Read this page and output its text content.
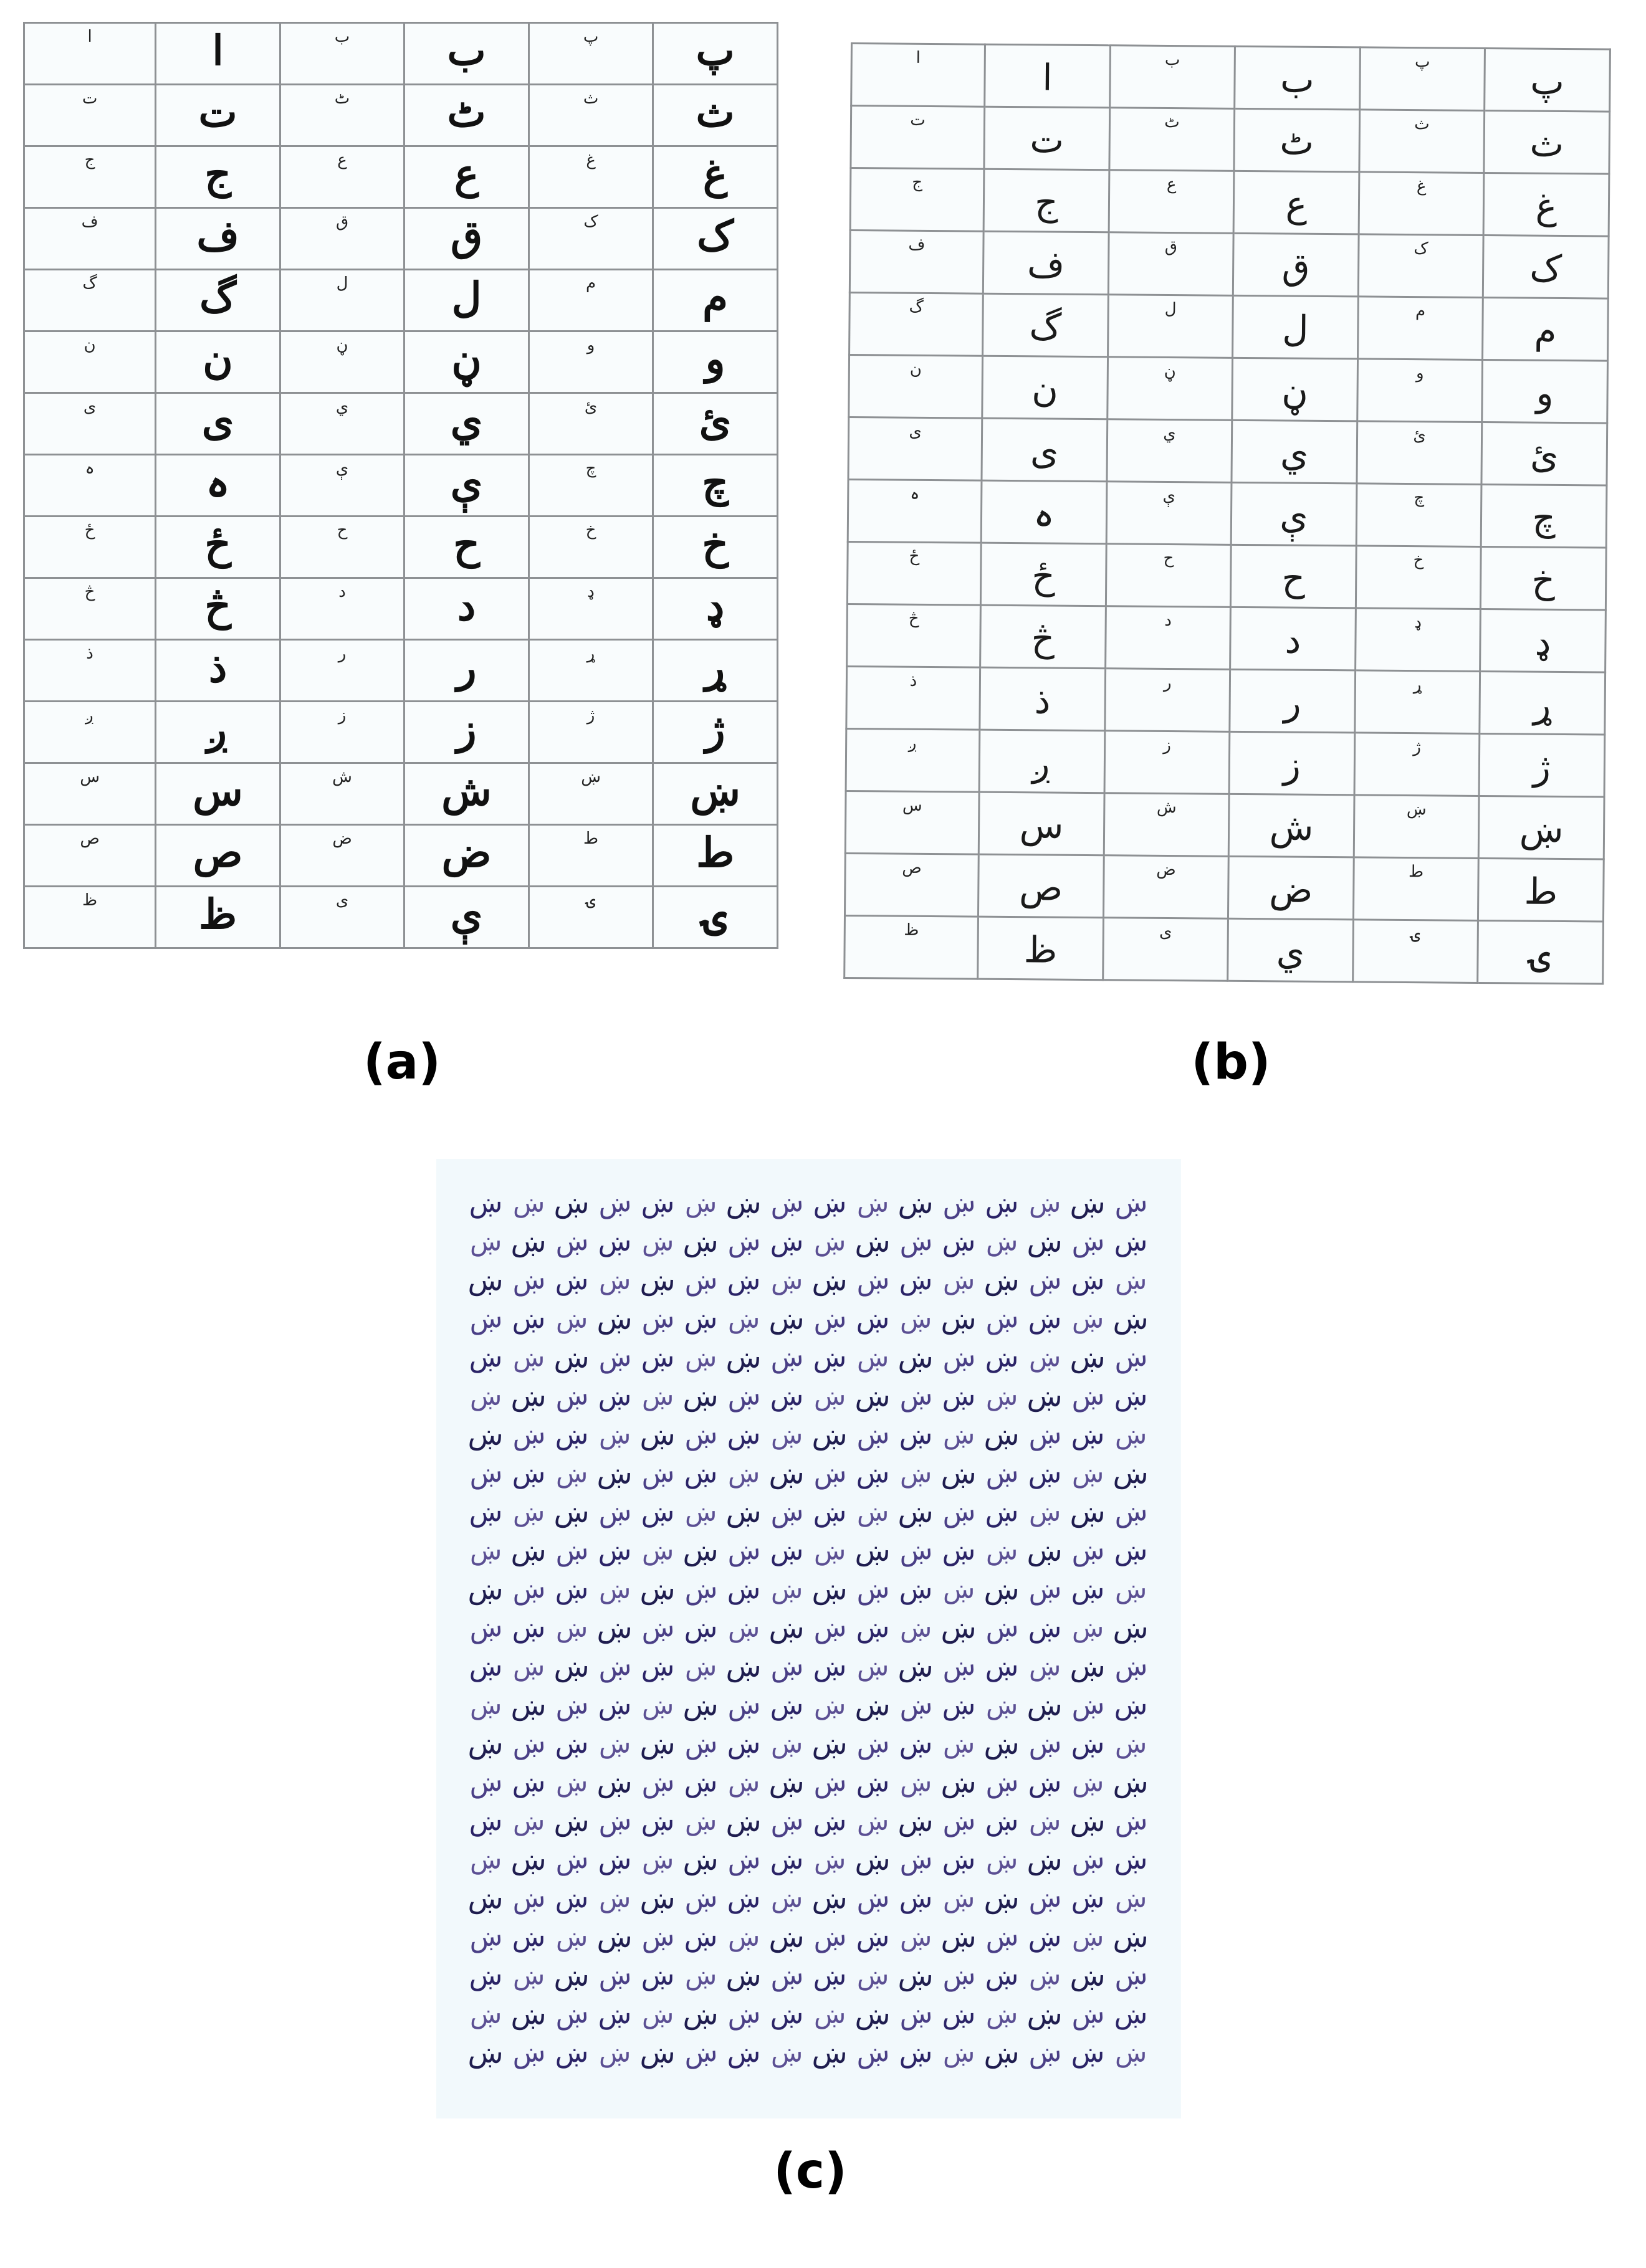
ا	ا	ب	ب	پ	پ

ت	ت	ٹ	ٹ	ث	ث

ج	ج	ع	ع	غ	غ

ف	ف	ق	ق	ک	ک

گ	گ	ل	ل	م	م

ن	ن	ڼ	ڼ	و	و

ی	ی	ي	ي	ئ	ئ

ہ	ہ	ې	ې	چ	چ

ځ	ځ	ح	ح	خ	خ

څ	څ	د	د	ډ	ډ

ذ	ذ	ر	ر	ړ	ړ

ږ	ږ	ز	ز	ژ	ژ

س	س	ش	ش	ښ	ښ

ص	ص	ض	ض	ط	ط

ظ	ظ	ى	ې	ۍ	ۍ
(a)
ا	ا	ب	ب	پ	پ

ت	ت	ٹ	ٹ	ث	ث

ج	ج	ع	ع	غ	غ

ف	ف	ق	ق	ک	ک

گ	گ	ل	ل	م	م

ن	ن	ڼ	ڼ	و	و

ی	ی	ي	ي	ئ	ئ

ہ	ہ	ې	ې	چ	چ

ځ	ځ	ح	ح	خ	خ

څ	څ	د	د	ډ	ډ

ذ	ذ	ر	ر	ړ	ړ

ږ	ږ	ز	ز	ژ	ژ

س	س	ش	ش	ښ	ښ

ص	ص	ض	ض	ط	ط

ظ	ظ	ى	ي	ۍ	ۍ
(b)
ښ ښ ښ ښ ښ ښ ښ ښ ښ ښ ښ ښ ښ ښ ښ ښ
ښ ښ ښ ښ ښ ښ ښ ښ ښ ښ ښ ښ ښ ښ ښ ښ
ښ ښ ښ ښ ښ ښ ښ ښ ښ ښ ښ ښ ښ ښ ښ ښ
ښ ښ ښ ښ ښ ښ ښ ښ ښ ښ ښ ښ ښ ښ ښ ښ
ښ ښ ښ ښ ښ ښ ښ ښ ښ ښ ښ ښ ښ ښ ښ ښ
ښ ښ ښ ښ ښ ښ ښ ښ ښ ښ ښ ښ ښ ښ ښ ښ
ښ ښ ښ ښ ښ ښ ښ ښ ښ ښ ښ ښ ښ ښ ښ ښ
ښ ښ ښ ښ ښ ښ ښ ښ ښ ښ ښ ښ ښ ښ ښ ښ
ښ ښ ښ ښ ښ ښ ښ ښ ښ ښ ښ ښ ښ ښ ښ ښ
ښ ښ ښ ښ ښ ښ ښ ښ ښ ښ ښ ښ ښ ښ ښ ښ
ښ ښ ښ ښ ښ ښ ښ ښ ښ ښ ښ ښ ښ ښ ښ ښ
ښ ښ ښ ښ ښ ښ ښ ښ ښ ښ ښ ښ ښ ښ ښ ښ
ښ ښ ښ ښ ښ ښ ښ ښ ښ ښ ښ ښ ښ ښ ښ ښ
ښ ښ ښ ښ ښ ښ ښ ښ ښ ښ ښ ښ ښ ښ ښ ښ
ښ ښ ښ ښ ښ ښ ښ ښ ښ ښ ښ ښ ښ ښ ښ ښ
ښ ښ ښ ښ ښ ښ ښ ښ ښ ښ ښ ښ ښ ښ ښ ښ
ښ ښ ښ ښ ښ ښ ښ ښ ښ ښ ښ ښ ښ ښ ښ ښ
ښ ښ ښ ښ ښ ښ ښ ښ ښ ښ ښ ښ ښ ښ ښ ښ
ښ ښ ښ ښ ښ ښ ښ ښ ښ ښ ښ ښ ښ ښ ښ ښ
ښ ښ ښ ښ ښ ښ ښ ښ ښ ښ ښ ښ ښ ښ ښ ښ
ښ ښ ښ ښ ښ ښ ښ ښ ښ ښ ښ ښ ښ ښ ښ ښ
ښ ښ ښ ښ ښ ښ ښ ښ ښ ښ ښ ښ ښ ښ ښ ښ
ښ ښ ښ ښ ښ ښ ښ ښ ښ ښ ښ ښ ښ ښ ښ ښ
(c)
